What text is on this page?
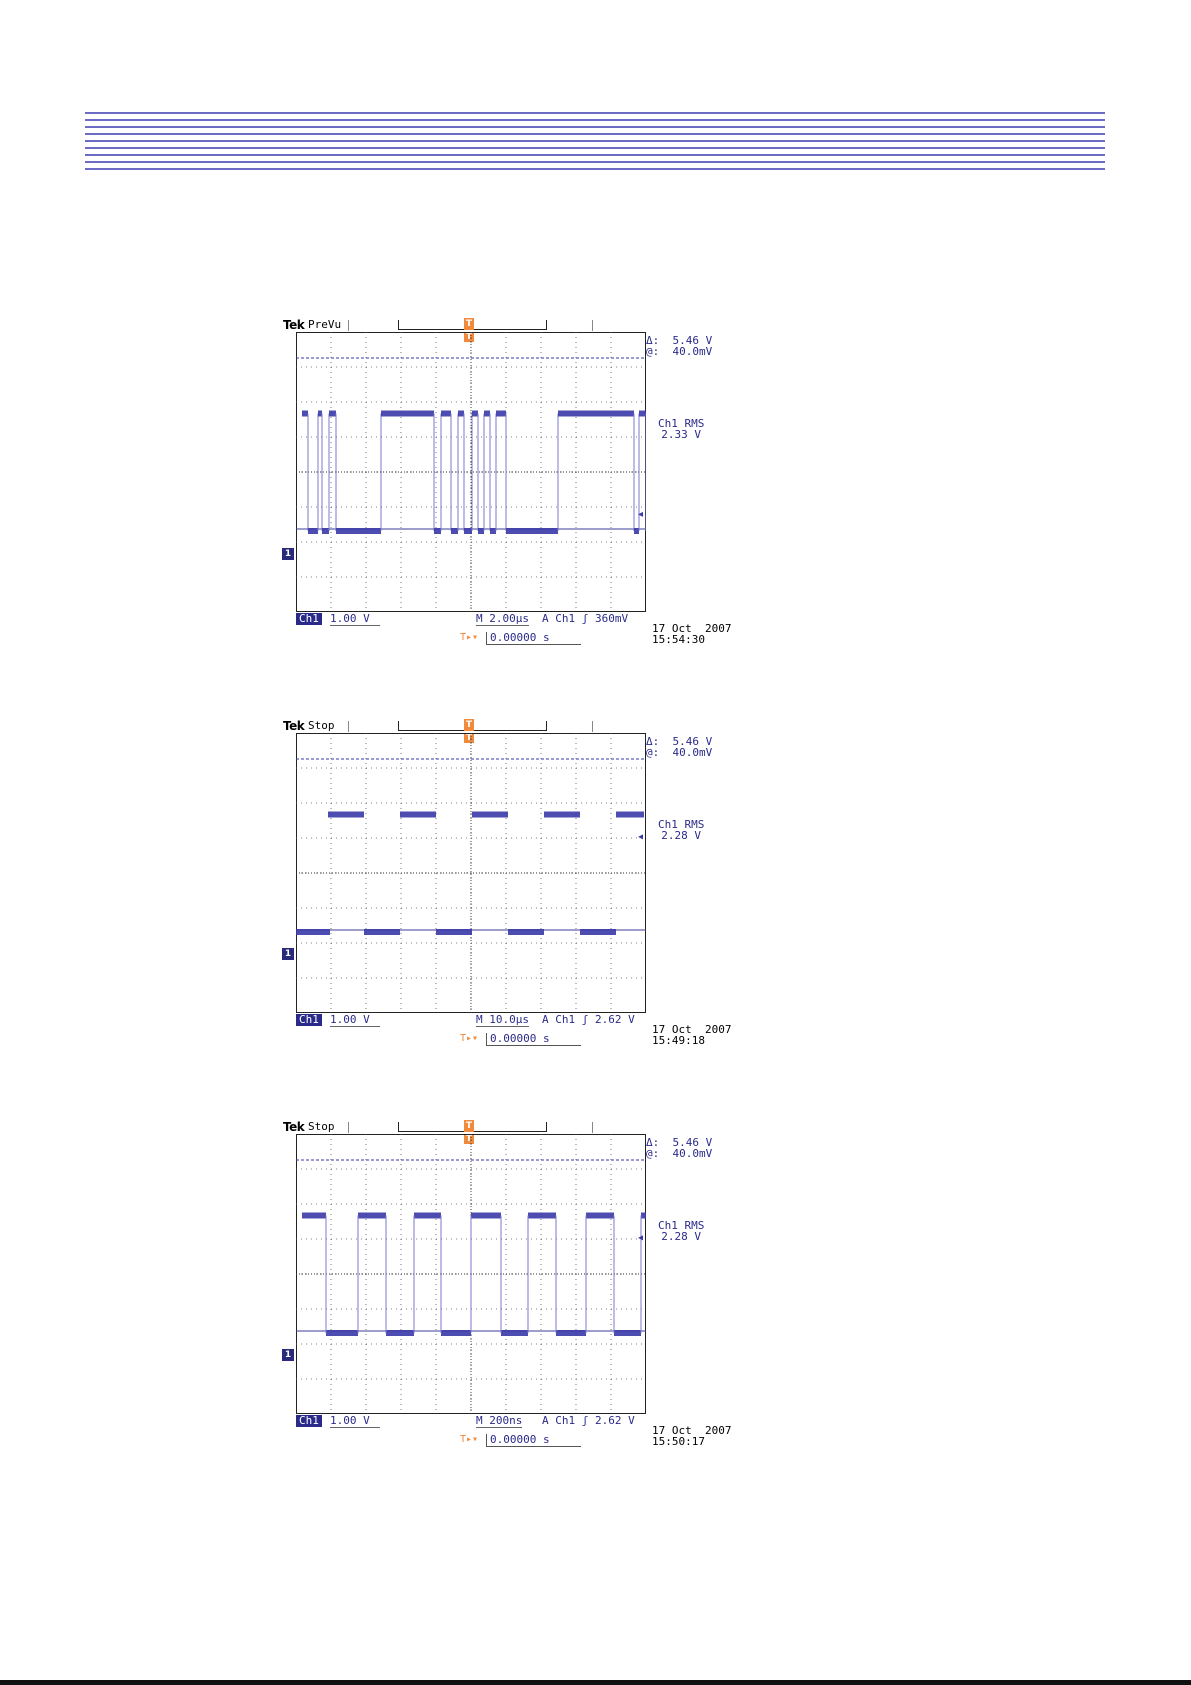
Tek PreVu	T
T
◂
1
Δ:  5.46 V
@:  40.0mV
Ch1 RMS
2.33 V
Ch1 1.00 V	M 2.00µs A Ch1 ʃ 360mV
T▸▾	0.00000 s
17 Oct  2007
15:54:30
Tek Stop	T
T
◂
1
Δ:  5.46 V
@:  40.0mV
Ch1 RMS
2.28 V
Ch1 1.00 V	M 10.0µs A Ch1 ʃ 2.62 V
T▸▾	0.00000 s
17 Oct  2007
15:49:18
Tek Stop	T
T
◂
1
Δ:  5.46 V
@:  40.0mV
Ch1 RMS
2.28 V
Ch1 1.00 V	M 200ns A Ch1 ʃ 2.62 V
T▸▾	0.00000 s
17 Oct  2007
15:50:17
